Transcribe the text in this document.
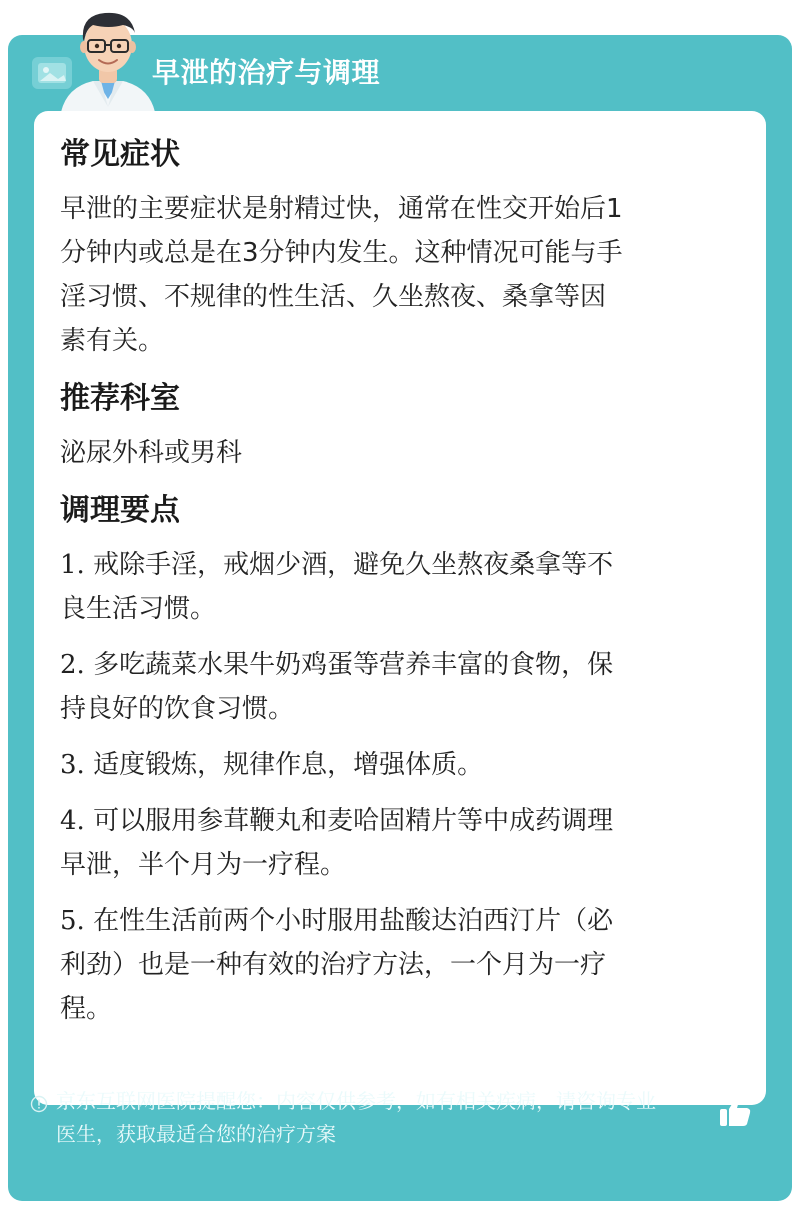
早泄的治疗与调理
常见症状
早泄的主要症状是射精过快，通常在性交开始后1
分钟内或总是在3分钟内发生。这种情况可能与手
淫习惯、不规律的性生活、久坐熬夜、桑拿等因
素有关。
推荐科室
泌尿外科或男科
调理要点
1. 戒除手淫，戒烟少酒，避免久坐熬夜桑拿等不
良生活习惯。
2. 多吃蔬菜水果牛奶鸡蛋等营养丰富的食物，保
持良好的饮食习惯。
3. 适度锻炼，规律作息，增强体质。
4. 可以服用参茸鞭丸和麦哈固精片等中成药调理
早泄，半个月为一疗程。
5. 在性生活前两个小时服用盐酸达泊西汀片（必
利劲）也是一种有效的治疗方法，一个月为一疗
程。
京东互联网医院提醒您：内容仅供参考，如有相关疾病，请咨询专业
医生，获取最适合您的治疗方案
